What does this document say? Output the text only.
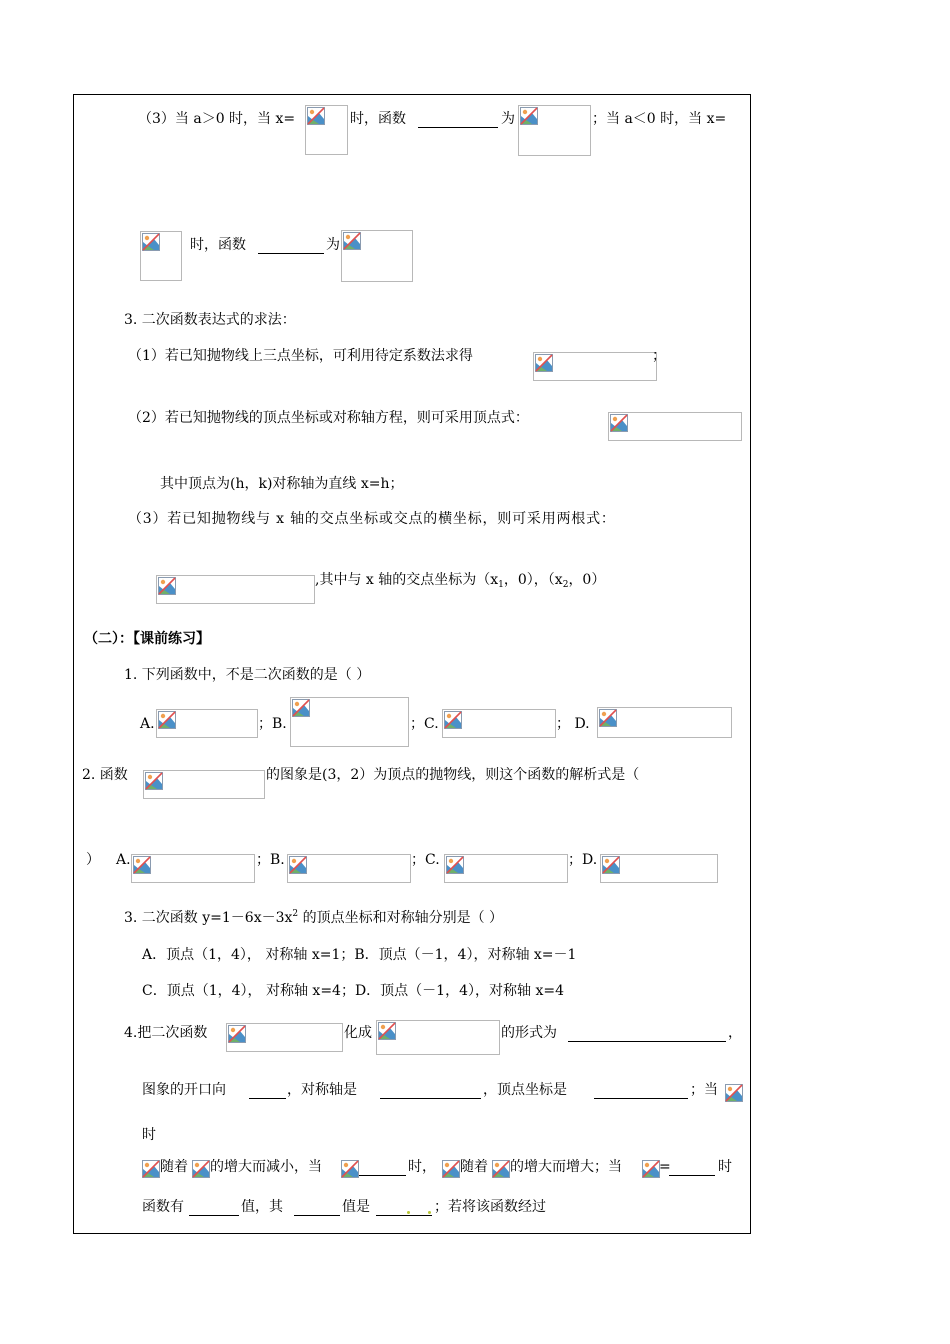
（3）当 a＞0 时，当 x=	时，函数	为	；当 a＜0 时，当 x=
时，函数	为
3. 二次函数表达式的求法：
（1）若已知抛物线上三点坐标，可利用待定系数法求得	；
（2）若已知抛物线的顶点坐标或对称轴方程，则可采用顶点式：
其中顶点为(h，k)对称轴为直线 x=h；
（3）若已知抛物线与 x 轴的交点坐标或交点的横坐标，则可采用两根式：
,其中与 x 轴的交点坐标为（$x_1$，0），（$x_2$，0）
（二）：【课前练习】
1. 下列函数中，不是二次函数的是（ ）
A.	；B.	；C.	； D.
2. 函数	的图象是(3，2）为顶点的抛物线，则这个函数的解析式是（
） A.	；B.	；C.	；D.
3. 二次函数 $y=1-6x-3x^2$ 的顶点坐标和对称轴分别是（ ）
A．顶点（1，4）， 对称轴 x=1；B．顶点（－1，4），对称轴 x=－1
C．顶点（1，4）， 对称轴 x=4；D．顶点（－1，4），对称轴 x=4
4.把二次函数	化成	的形式为	，
图象的开口向	，对称轴是	，顶点坐标是	；当
时
随着 的增大而减小，当	时， 随着 的增大而增大；当	=	时
函数有	值，其	值是	；若将该函数经过
